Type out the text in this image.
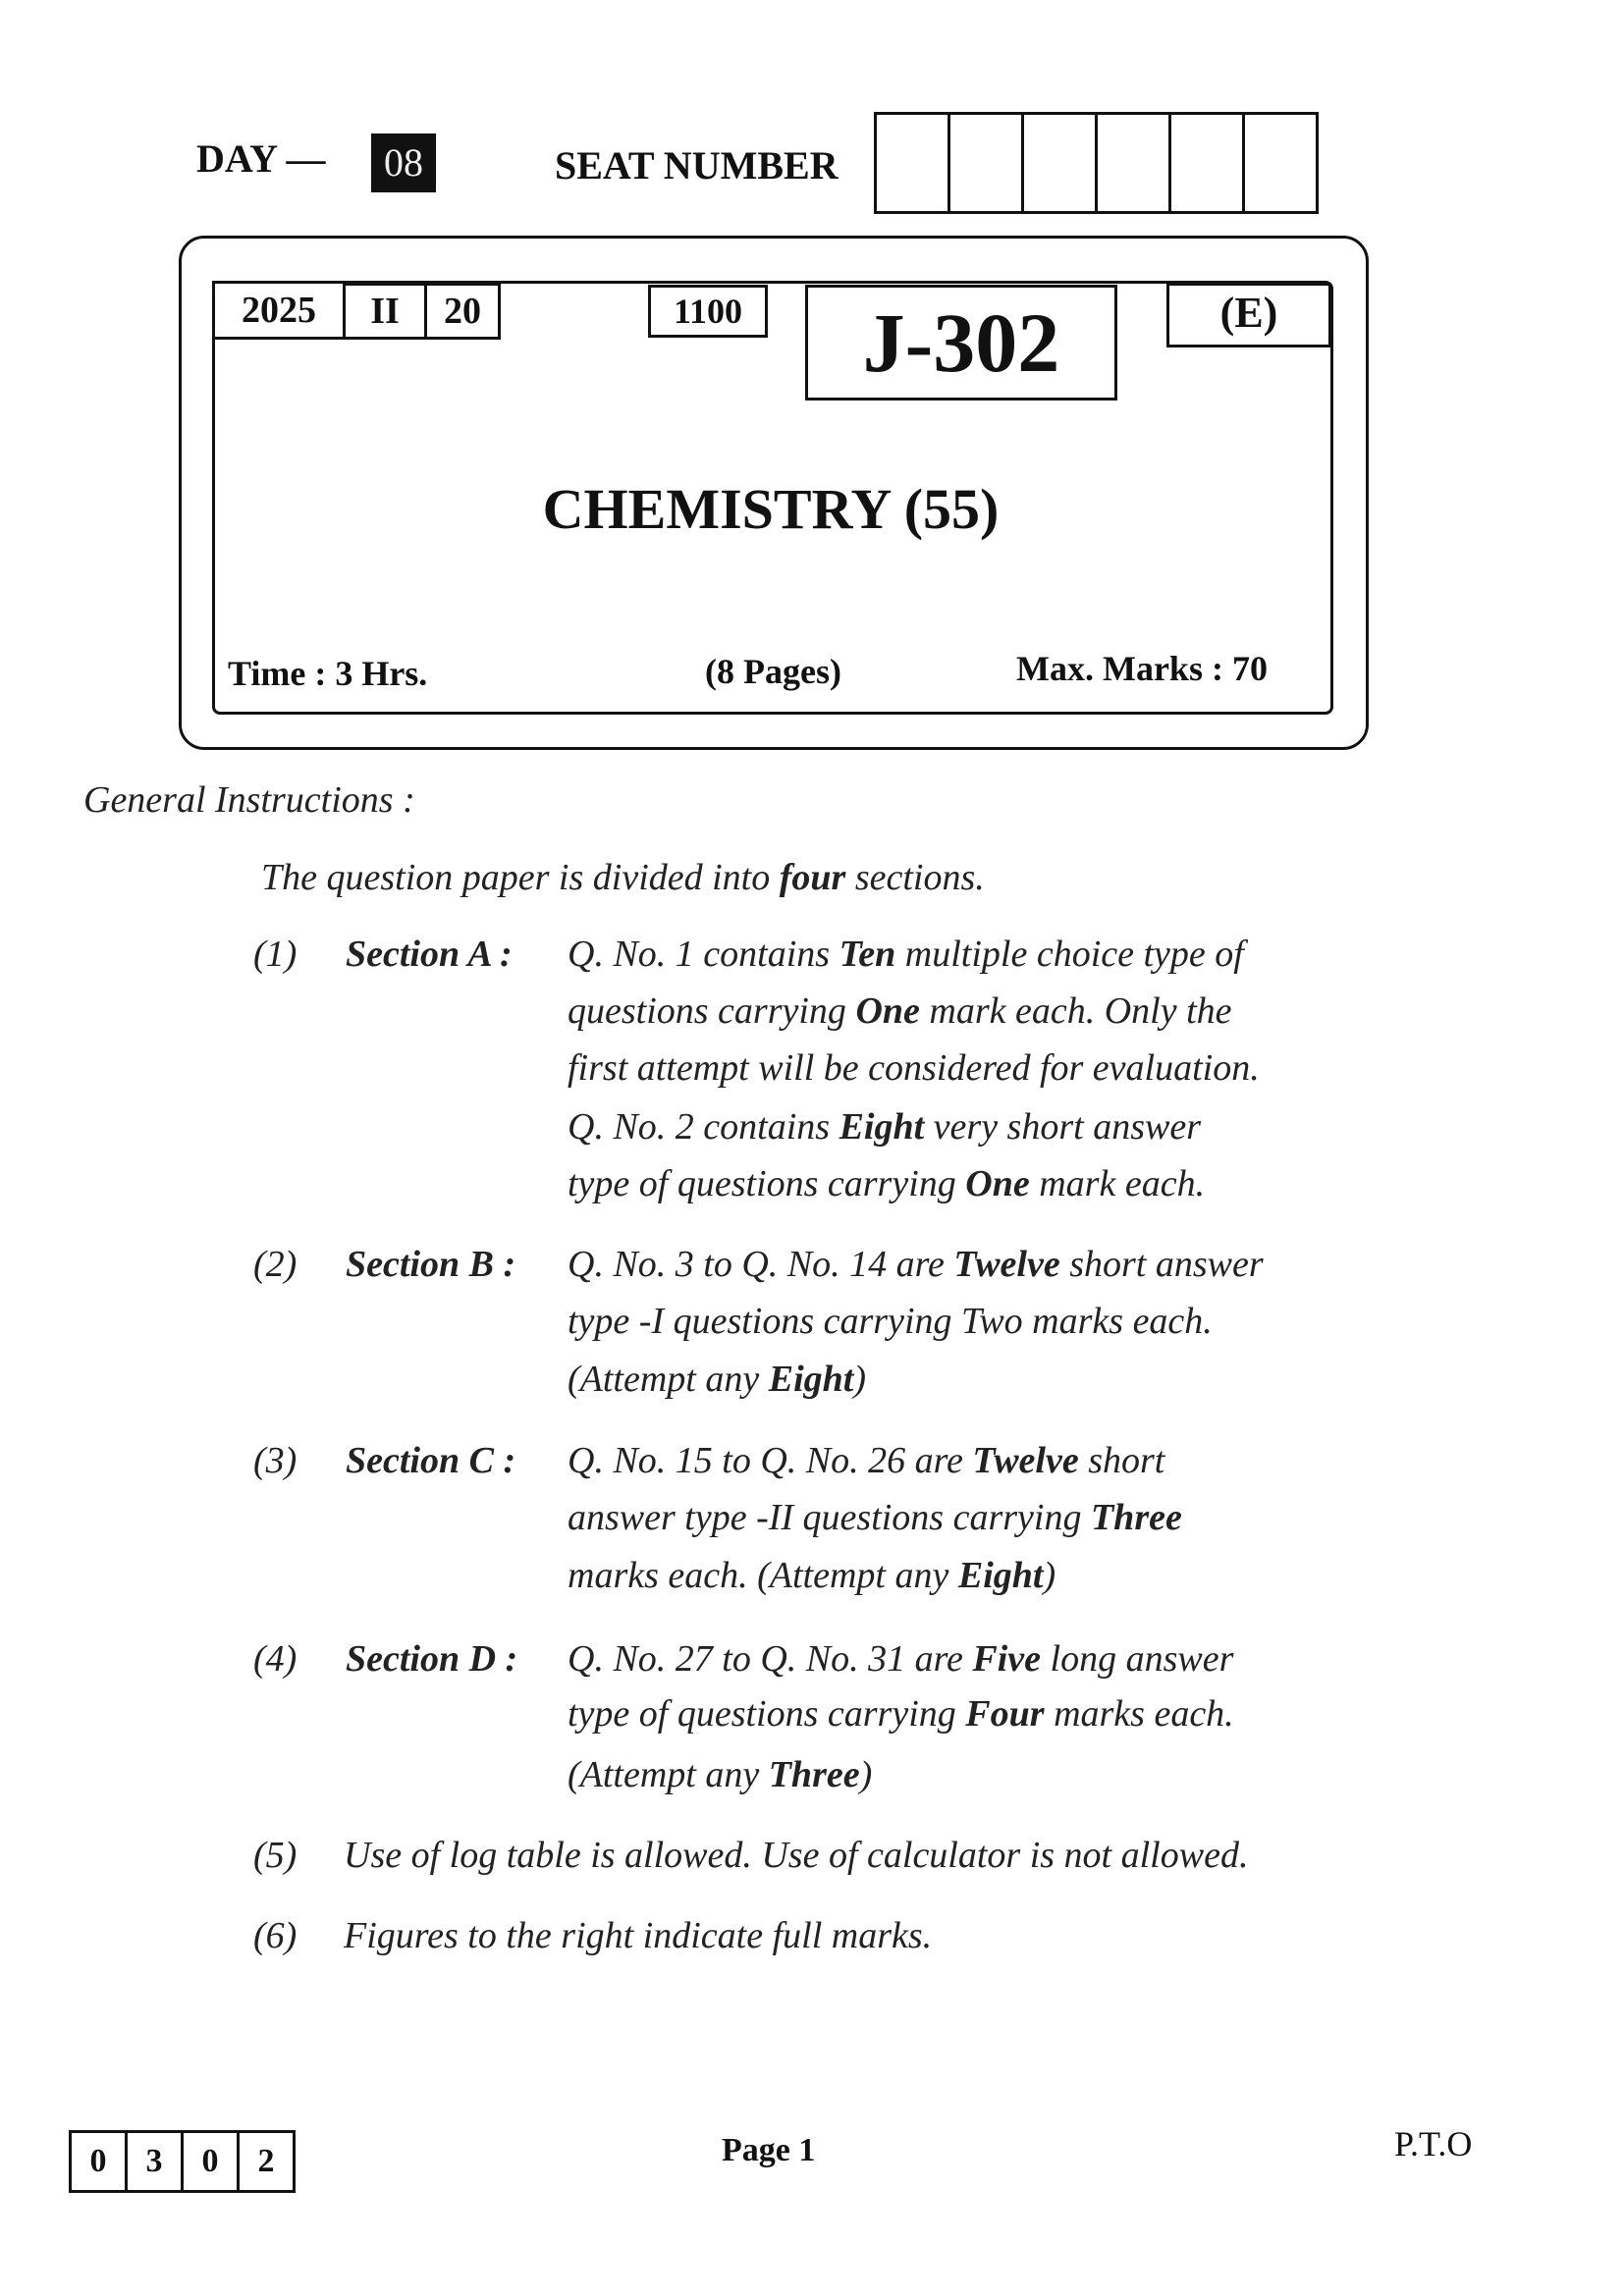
DAY —	08	SEAT NUMBER
2025	II	20	1100	J-302	(E)
CHEMISTRY (55)
Time : 3 Hrs.	(8 Pages)	Max. Marks : 70
General Instructions :
The question paper is divided into four sections.
(1) Section A : Q. No. 1 contains Ten multiple choice type of
questions carrying One mark each. Only the
first attempt will be considered for evaluation.
Q. No. 2 contains Eight very short answer
type of questions carrying One mark each.
(2) Section B : Q. No. 3 to Q. No. 14 are Twelve short answer
type -I questions carrying Two marks each.
(Attempt any Eight)
(3) Section C : Q. No. 15 to Q. No. 26 are Twelve short
answer type -II questions carrying Three
marks each. (Attempt any Eight)
(4) Section D : Q. No. 27 to Q. No. 31 are Five long answer
type of questions carrying Four marks each.
(Attempt any Three)
(5) Use of log table is allowed. Use of calculator is not allowed.
(6) Figures to the right indicate full marks.
0	3	0	2	Page 1	P.T.O
